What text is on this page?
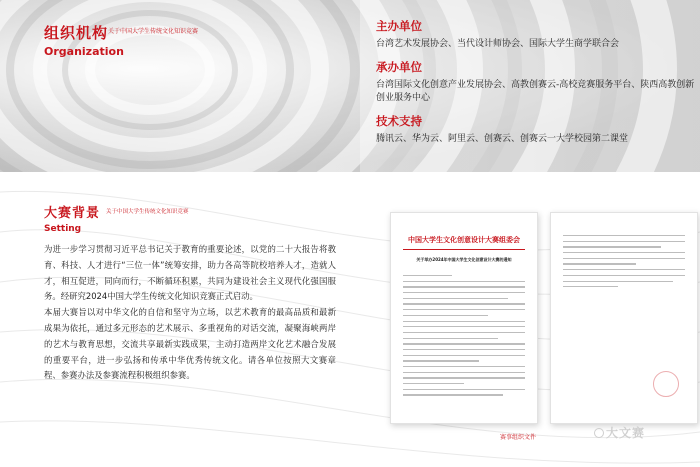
组织机构
Organization
关于中国大学生传统文化知识竞赛	主办单位
台湾艺术发展协会、当代设计师协会、国际大学生商学联合会
承办单位
台湾国际文化创意产业发展协会、高教创赛云-高校竞赛服务平台、陕西高教创新创业服务中心
技术支持
腾讯云、华为云、阿里云、创赛云、创赛云一大学校园第二课堂
大赛背景
Setting
关于中国大学生传统文化知识竞赛

为进一步学习贯彻习近平总书记关于教育的重要论述，以党的二十大报告将教育、科技、人才进行“三位一体”统筹安排，助力各高等院校培养人才，造就人才，相互促进，同向而行，不断循环积累，共同为建设社会主义现代化强国服务。经研究2024中国大学生传统文化知识竞赛正式启动。

本届大赛旨以对中华文化的自信和坚守为立场，以艺术教育的最高品质和最新成果为依托，通过多元形态的艺术展示、多重视角的对话交流，凝聚海峡两岸的艺术与教育思想，交流共享最新实践成果，主动打造两岸文化艺术融合发展的重要平台，进一步弘扬和传承中华优秀传统文化。请各单位按照大文赛章程、参赛办法及参赛流程积极组织参赛。

中国大学生文化创意设计大赛组委会
关于举办2024年中国大学生文化创意设计大赛的通知
赛事组织文件	大文赛
